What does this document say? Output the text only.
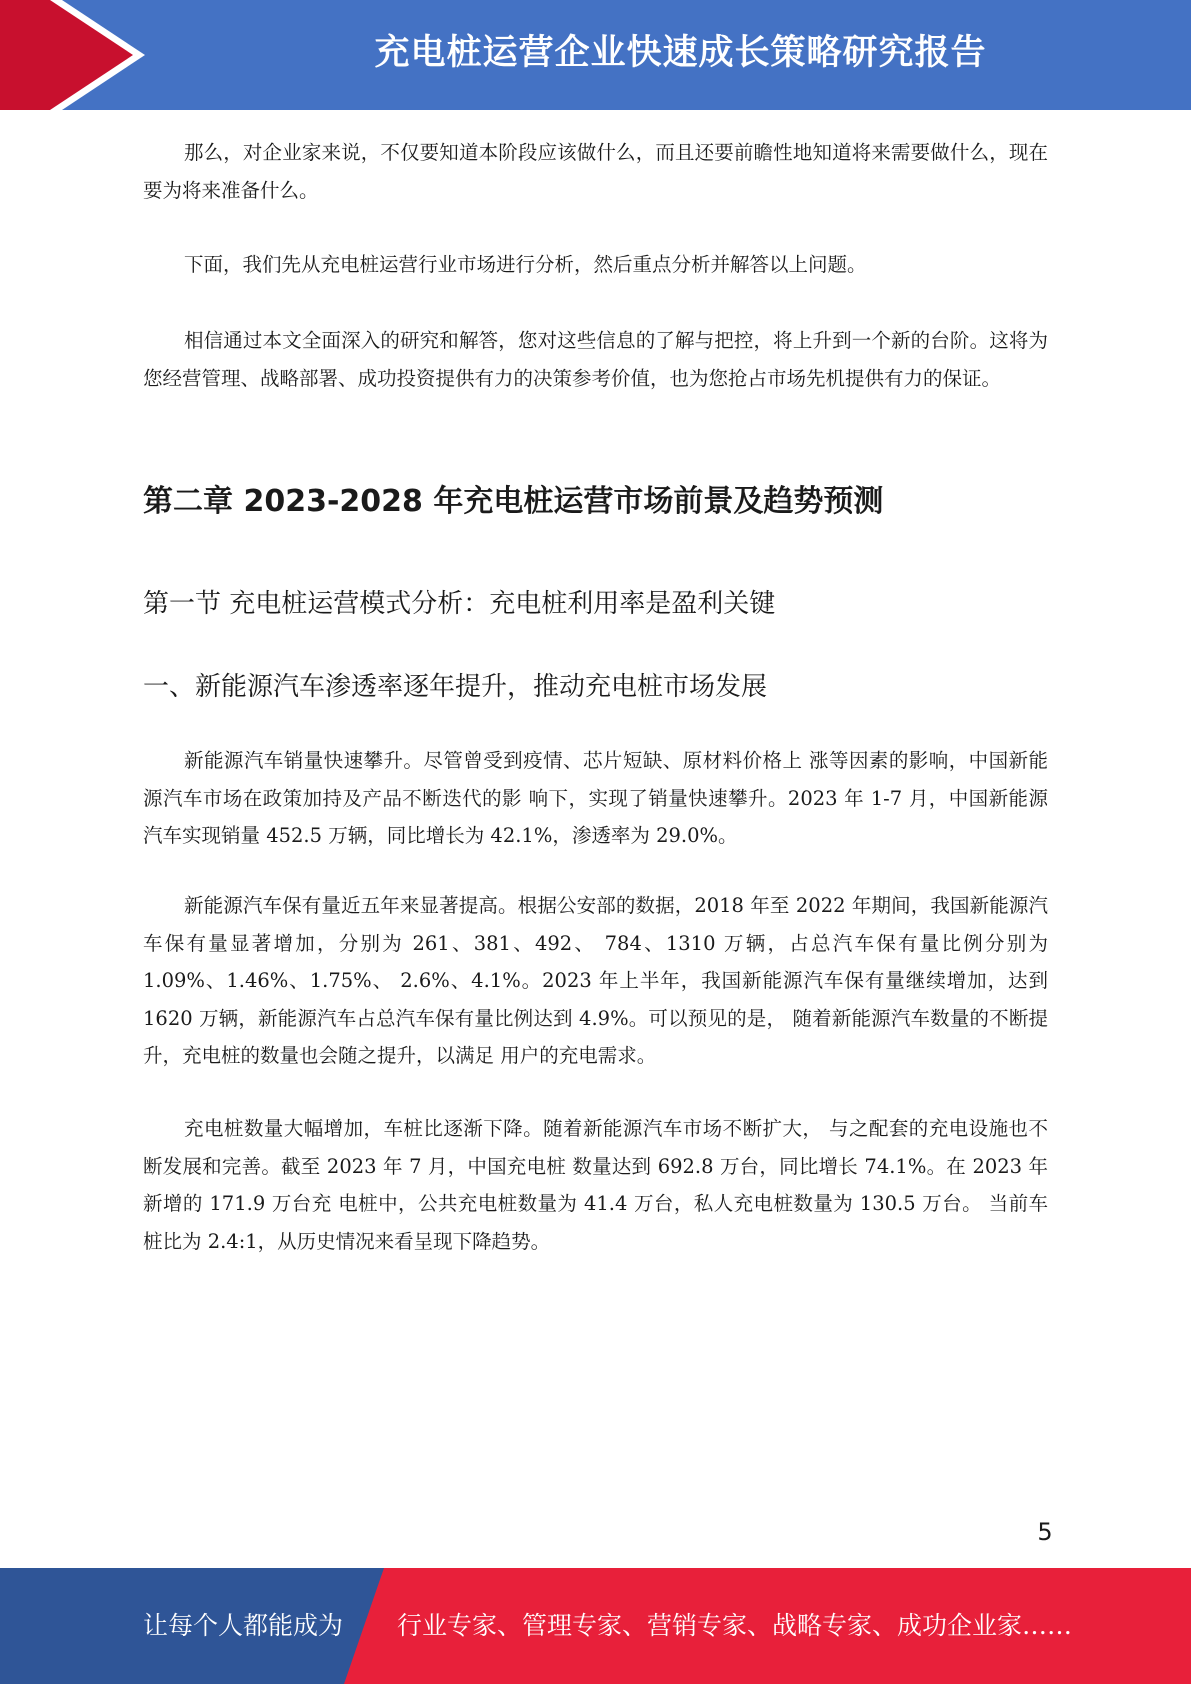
充电桩运营企业快速成长策略研究报告

那么，对企业家来说，不仅要知道本阶段应该做什么，而且还要前瞻性地知道将来需要做什么，现在要为将来准备什么。

下面，我们先从充电桩运营行业市场进行分析，然后重点分析并解答以上问题。

相信通过本文全面深入的研究和解答，您对这些信息的了解与把控，将上升到一个新的台阶。这将为您经营管理、战略部署、成功投资提供有力的决策参考价值，也为您抢占市场先机提供有力的保证。

第二章 2023-2028 年充电桩运营市场前景及趋势预测
第一节 充电桩运营模式分析：充电桩利用率是盈利关键
一、新能源汽车渗透率逐年提升，推动充电桩市场发展

新能源汽车销量快速攀升。尽管曾受到疫情、芯片短缺、原材料价格上 涨等因素的影响，中国新能源汽车市场在政策加持及产品不断迭代的影 响下，实现了销量快速攀升。2023 年 1-7 月，中国新能源汽车实现销量 452.5 万辆，同比增长为 42.1%，渗透率为 29.0%。

新能源汽车保有量近五年来显著提高。根据公安部的数据，2018 年至 2022 年期间，我国新能源汽车保有量显著增加，分别为 261、381、492、 784、1310 万辆，占总汽车保有量比例分别为 1.09%、1.46%、1.75%、 2.6%、4.1%。2023 年上半年，我国新能源汽车保有量继续增加，达到 1620 万辆，新能源汽车占总汽车保有量比例达到 4.9%。可以预见的是， 随着新能源汽车数量的不断提升，充电桩的数量也会随之提升，以满足 用户的充电需求。

充电桩数量大幅增加，车桩比逐渐下降。随着新能源汽车市场不断扩大， 与之配套的充电设施也不断发展和完善。截至 2023 年 7 月，中国充电桩 数量达到 692.8 万台，同比增长 74.1%。在 2023 年新增的 171.9 万台充 电桩中，公共充电桩数量为 41.4 万台，私人充电桩数量为 130.5 万台。 当前车桩比为 2.4:1，从历史情况来看呈现下降趋势。

5
让每个人都能成为 行业专家、管理专家、营销专家、战略专家、成功企业家……
